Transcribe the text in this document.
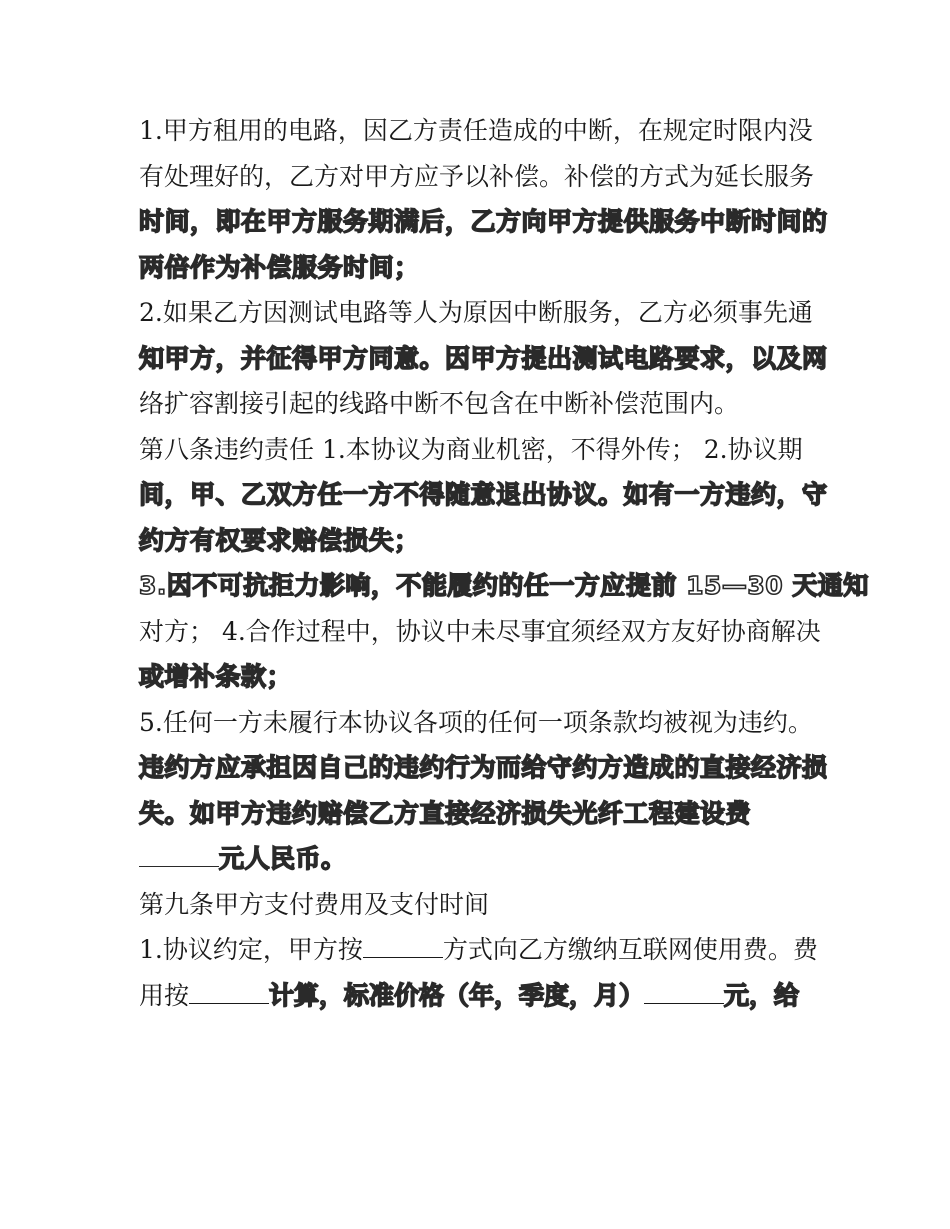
1.甲方租用的电路，因乙方责任造成的中断，在规定时限内没
有处理好的，乙方对甲方应予以补偿。补偿的方式为延长服务
时间，即在甲方服务期满后，乙方向甲方提供服务中断时间的
两倍作为补偿服务时间；
2.如果乙方因测试电路等人为原因中断服务，乙方必须事先通
知甲方，并征得甲方同意。因甲方提出测试电路要求，以及网
络扩容割接引起的线路中断不包含在中断补偿范围内。
第八条违约责任 1.本协议为商业机密，不得外传； 2.协议期
间，甲、乙双方任一方不得随意退出协议。如有一方违约，守
约方有权要求赔偿损失；
3.因不可抗拒力影响，不能履约的任一方应提前 15—30 天通知
对方； 4.合作过程中，协议中未尽事宜须经双方友好协商解决
或增补条款；
5.任何一方未履行本协议各项的任何一项条款均被视为违约。
违约方应承担因自己的违约行为而给守约方造成的直接经济损
失。如甲方违约赔偿乙方直接经济损失光纤工程建设费
元人民币。
第九条甲方支付费用及支付时间
1.协议约定，甲方按	方式向乙方缴纳互联网使用费。费
用按	计算，标准价格（年，季度，月）	元，给
